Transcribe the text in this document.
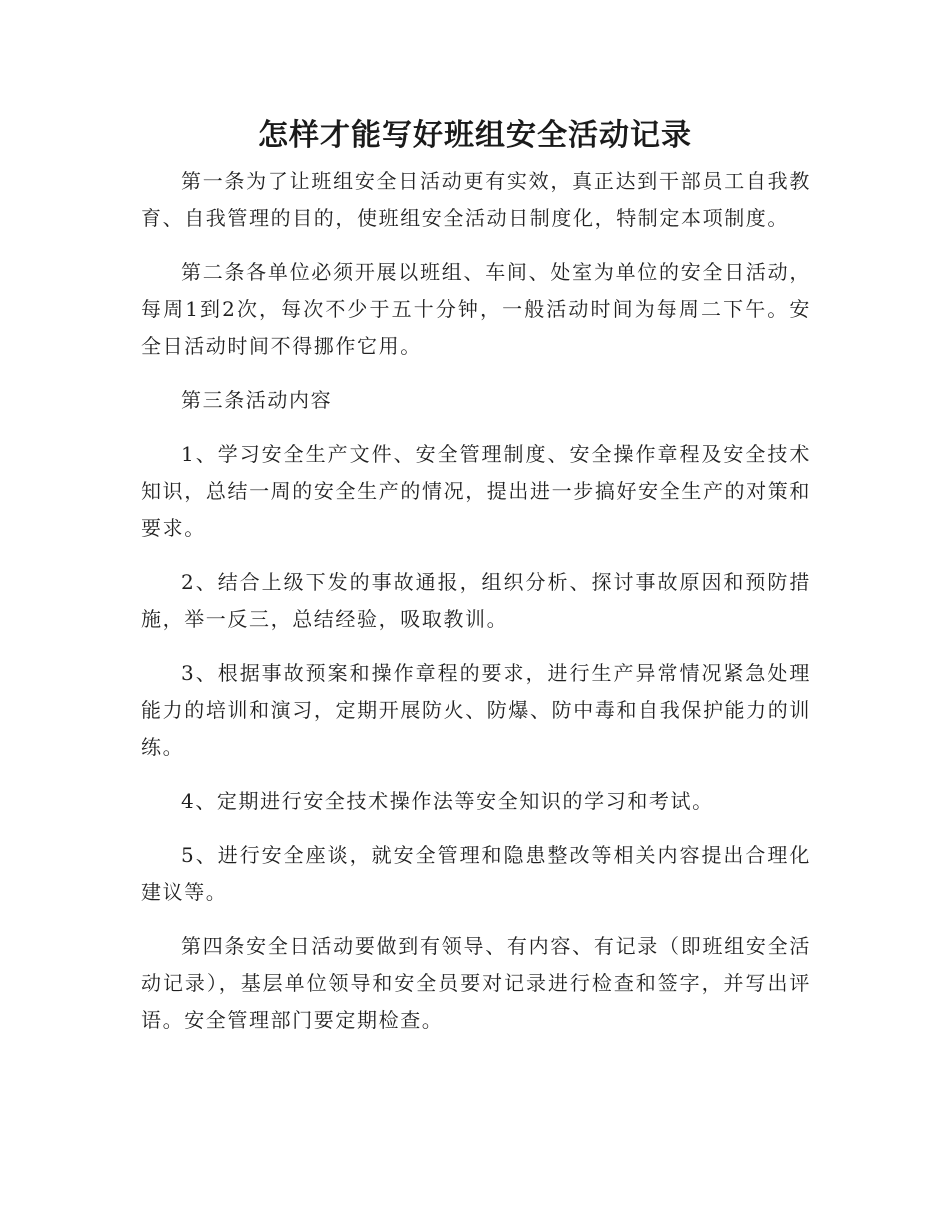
怎样才能写好班组安全活动记录

第一条为了让班组安全日活动更有实效，真正达到干部员工自我教育、自我管理的目的，使班组安全活动日制度化，特制定本项制度。

第二条各单位必须开展以班组、车间、处室为单位的安全日活动，每周1到2次，每次不少于五十分钟，一般活动时间为每周二下午。安全日活动时间不得挪作它用。

第三条活动内容

1、学习安全生产文件、安全管理制度、安全操作章程及安全技术知识，总结一周的安全生产的情况，提出进一步搞好安全生产的对策和要求。

2、结合上级下发的事故通报，组织分析、探讨事故原因和预防措施，举一反三，总结经验，吸取教训。

3、根据事故预案和操作章程的要求，进行生产异常情况紧急处理能力的培训和演习，定期开展防火、防爆、防中毒和自我保护能力的训练。

4、定期进行安全技术操作法等安全知识的学习和考试。

5、进行安全座谈，就安全管理和隐患整改等相关内容提出合理化建议等。

第四条安全日活动要做到有领导、有内容、有记录（即班组安全活动记录），基层单位领导和安全员要对记录进行检查和签字，并写出评语。安全管理部门要定期检查。
